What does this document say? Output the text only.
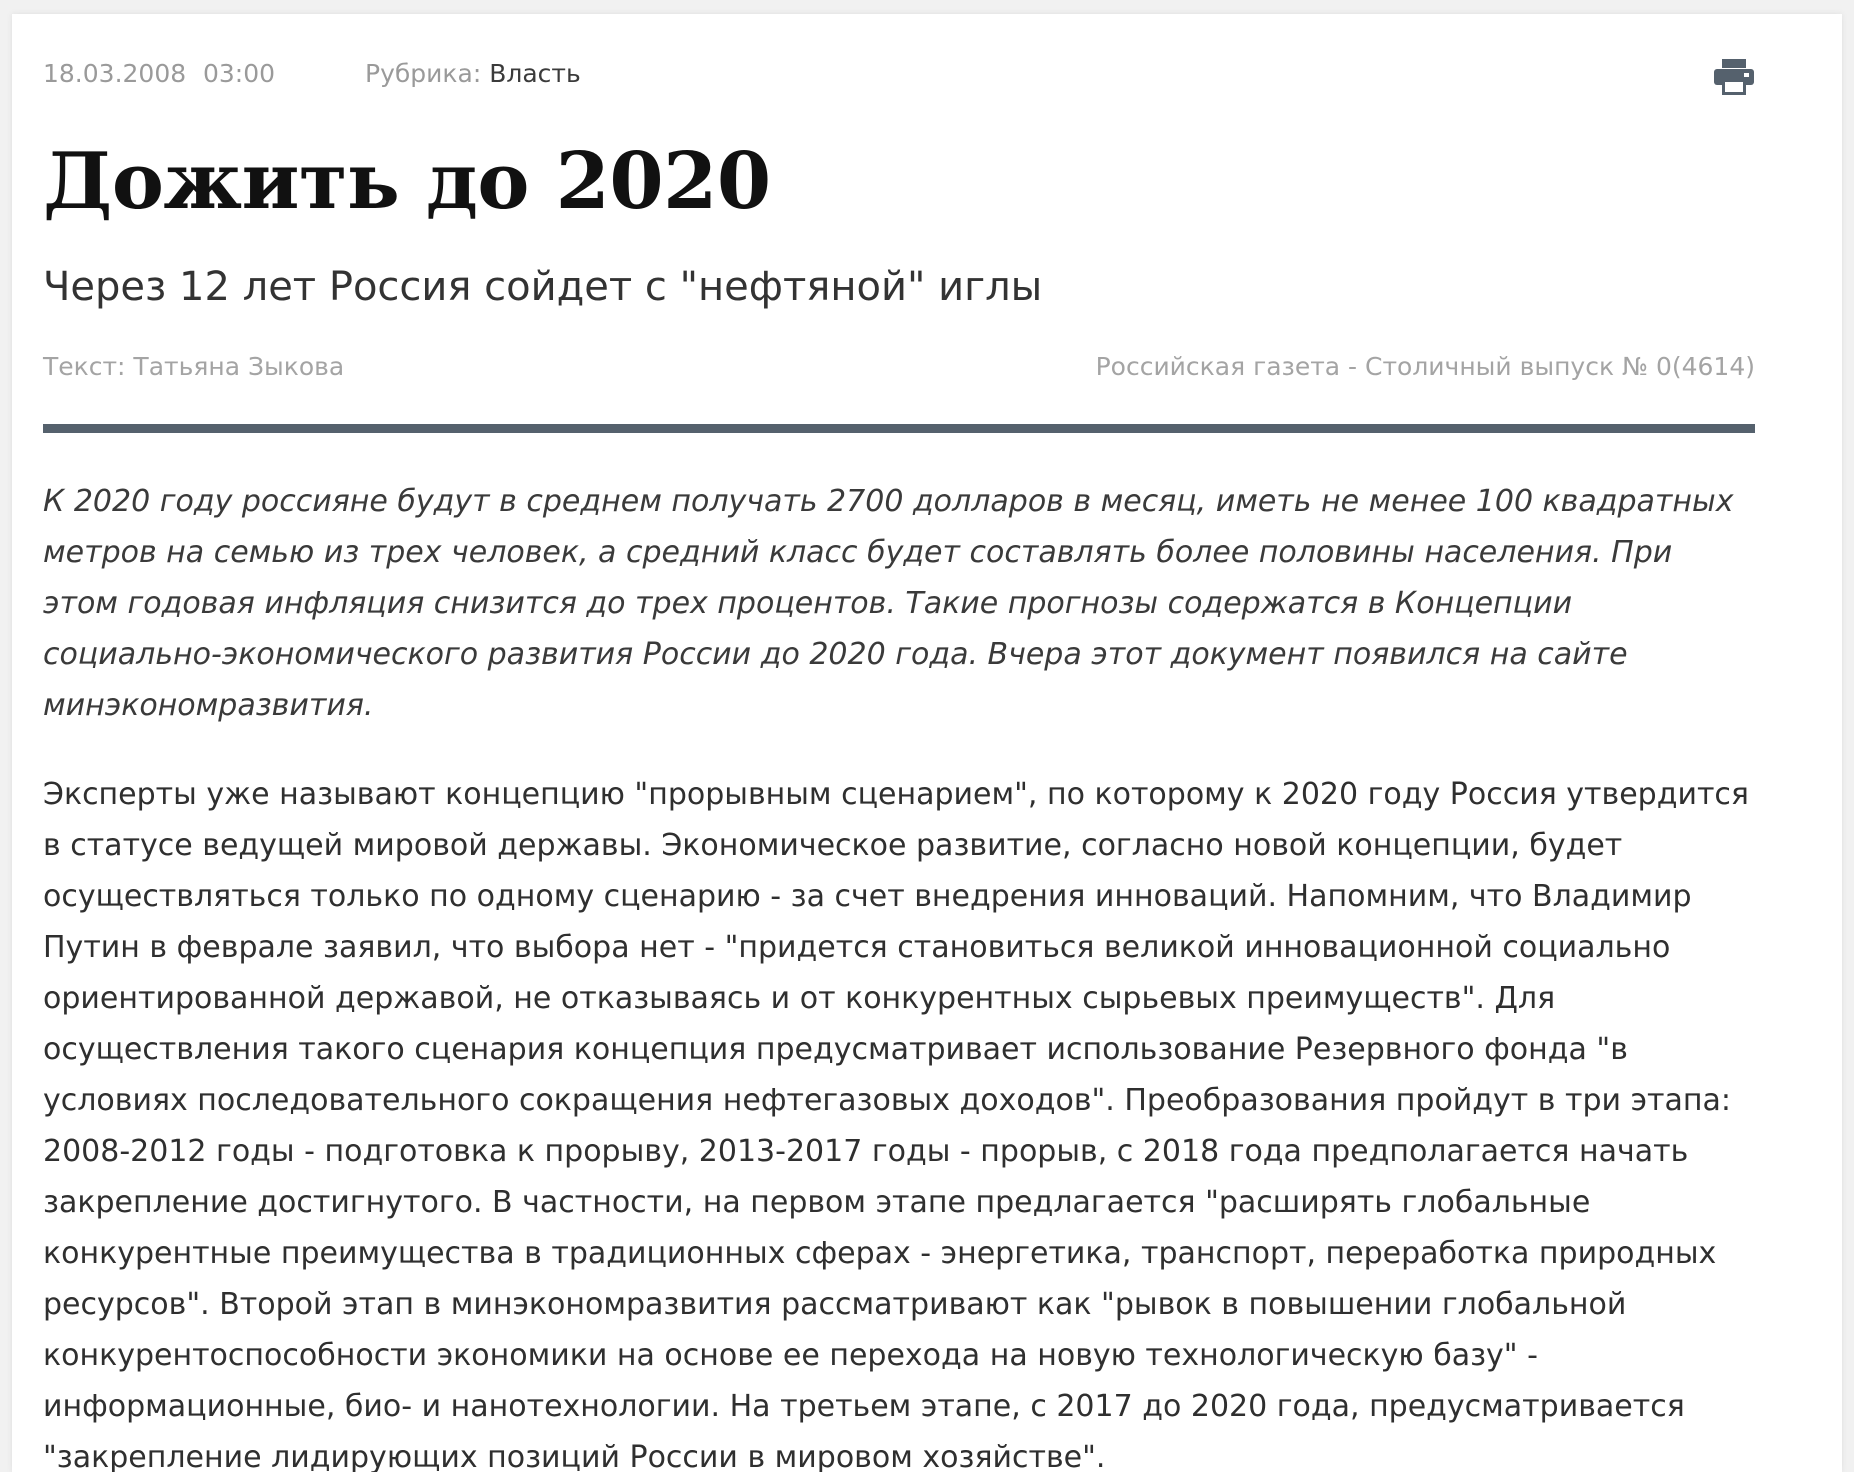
18.03.2008 03:00	Рубрика: Власть
Дожить до 2020
Через 12 лет Россия сойдет с "нефтяной" иглы
Текст: Татьяна Зыкова	Российская газета - Столичный выпуск № 0(4614)

К 2020 году россияне будут в среднем получать 2700 долларов в месяц, иметь не менее 100 квадратных метров на семью из трех человек, а средний класс будет составлять более половины населения. При этом годовая инфляция снизится до трех процентов. Такие прогнозы содержатся в Концепции социально-экономического развития России до 2020 года. Вчера этот документ появился на сайте минэкономразвития.

Эксперты уже называют концепцию "прорывным сценарием", по которому к 2020 году Россия утвердится в статусе ведущей мировой державы. Экономическое развитие, согласно новой концепции, будет осуществляться только по одному сценарию - за счет внедрения инноваций. Напомним, что Владимир Путин в феврале заявил, что выбора нет - "придется становиться великой инновационной социально ориентированной державой, не отказываясь и от конкурентных сырьевых преимуществ". Для осуществления такого сценария концепция предусматривает использование Резервного фонда "в условиях последовательного сокращения нефтегазовых доходов". Преобразования пройдут в три этапа: 2008-2012 годы - подготовка к прорыву, 2013-2017 годы - прорыв, с 2018 года предполагается начать закрепление достигнутого. В частности, на первом этапе предлагается "расширять глобальные конкурентные преимущества в традиционных сферах - энергетика, транспорт, переработка природных ресурсов". Второй этап в минэкономразвития рассматривают как "рывок в повышении глобальной конкурентоспособности экономики на основе ее перехода на новую технологическую базу" - информационные, био- и нанотехнологии. На третьем этапе, с 2017 до 2020 года, предусматривается "закрепление лидирующих позиций России в мировом хозяйстве".
